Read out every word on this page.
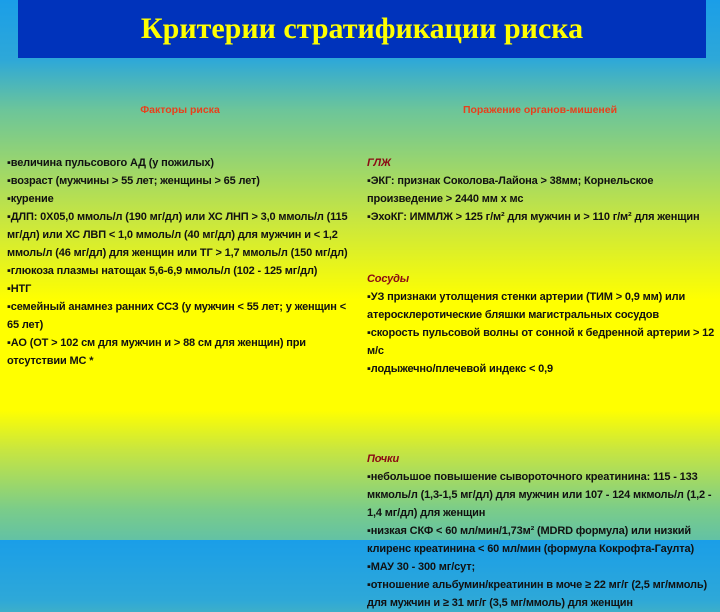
Критерии стратификации риска
Факторы риска	Поражение органов-мишеней

▪величина пульсового АД (у пожилых)

▪возраст (мужчины > 55 лет; женщины > 65 лет)

▪курение

▪ДЛП: 0Х05,0 ммоль/л (190 мг/дл) или ХС ЛНП > 3,0 ммоль/л (115 мг/дл) или ХС ЛВП < 1,0 ммоль/л (40 мг/дл) для мужчин и < 1,2 ммоль/л (46 мг/дл) для женщин или ТГ > 1,7 ммоль/л (150 мг/дл)

▪глюкоза плазмы натощак 5,6-6,9 ммоль/л (102 - 125 мг/дл)

▪НТГ

▪семейный анамнез ранних ССЗ (у мужчин < 55 лет; у женщин < 65 лет)

▪АО (ОТ > 102 см для мужчин и > 88 см для женщин) при отсутствии МС *

ГЛЖ

▪ЭКГ: признак Соколова-Лайона > 38мм; Корнельское произведение > 2440 мм х мс

▪ЭхоКГ: ИММЛЖ > 125 г/м² для мужчин и > 110 г/м² для женщин

Сосуды

▪УЗ признаки утолщения стенки артерии (ТИМ > 0,9 мм) или атеросклеротические бляшки магистральных сосудов

▪скорость пульсовой волны от сонной к бедренной артерии > 12 м/с

▪лодыжечно/плечевой индекс < 0,9

Почки

▪небольшое повышение сывороточного креатинина: 115 - 133 мкмоль/л (1,3-1,5 мг/дл) для мужчин или 107 - 124 мкмоль/л (1,2 - 1,4 мг/дл) для женщин

▪низкая СКФ < 60 мл/мин/1,73м² (MDRD формула) или низкий клиренс креатинина < 60 мл/мин (формула Кокрофта-Гаулта)

▪МАУ 30 - 300 мг/сут;

▪отношение альбумин/креатинин в моче ≥ 22 мг/г (2,5 мг/ммоль) для мужчин и ≥ 31 мг/г (3,5 мг/ммоль) для женщин
